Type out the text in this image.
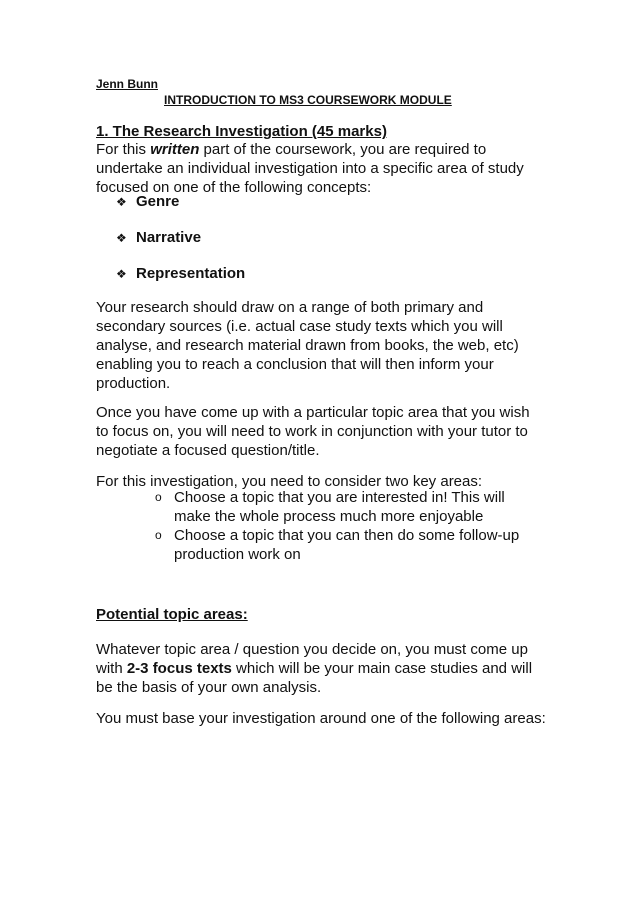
Jenn Bunn
INTRODUCTION TO MS3 COURSEWORK MODULE
1. The Research Investigation (45 marks)
For this written part of the coursework, you are required to undertake an individual investigation into a specific area of study focused on one of the following concepts:
❖ Genre
❖ Narrative
❖ Representation
Your research should draw on a range of both primary and secondary sources (i.e. actual case study texts which you will analyse, and research material drawn from books, the web, etc) enabling you to reach a conclusion that will then inform your production.
Once you have come up with a particular topic area that you wish to focus on, you will need to work in conjunction with your tutor to negotiate a focused question/title.
For this investigation, you need to consider two key areas:
o Choose a topic that you are interested in! This will make the whole process much more enjoyable
o Choose a topic that you can then do some follow-up production work on
Potential topic areas:
Whatever topic area / question you decide on, you must come up with 2-3 focus texts which will be your main case studies and will be the basis of your own analysis.
You must base your investigation around one of the following areas:
